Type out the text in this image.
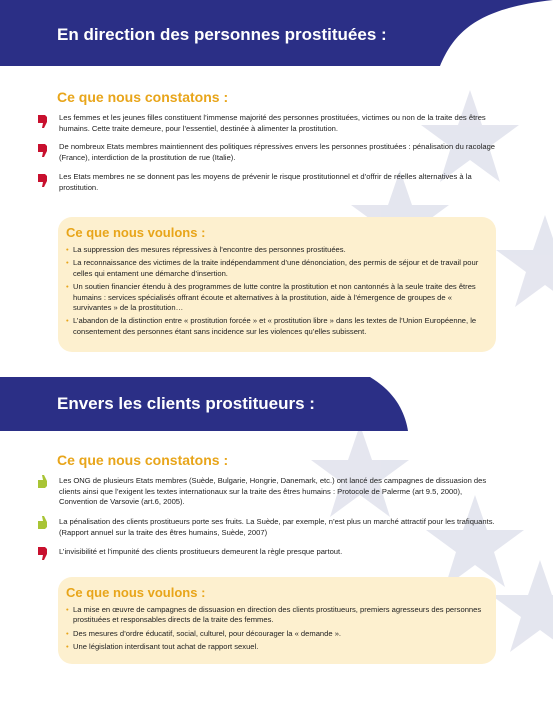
En direction des personnes prostituées :
Ce que nous constatons :
Les femmes et les jeunes filles constituent l’immense majorité des personnes prostituées, victimes ou non de la traite des êtres humains. Cette traite demeure, pour l’essentiel, destinée à alimenter la prostitution.
De nombreux Etats membres maintiennent des politiques répressives envers les personnes prostituées : pénalisation du racolage (France), interdiction de la prostitution de rue (Italie).
Les Etats membres ne se donnent pas les moyens de prévenir le risque prostitutionnel et d’offrir de réelles alternatives à la prostitution.
Ce que nous voulons :
• La suppression des mesures répressives à l’encontre des personnes prostituées.
• La reconnaissance des victimes de la traite indépendamment d’une dénonciation, des permis de séjour et de travail pour celles qui entament une démarche d’insertion.
• Un soutien financier étendu à des programmes de lutte contre la prostitution et non cantonnés à la seule traite des êtres humains : services spécialisés offrant écoute et alternatives à la prostitution, aide à l’émergence de groupes de « survivantes » de la prostitution…
• L’abandon de la distinction entre « prostitution forcée » et « prostitution libre » dans les textes de l’Union Européenne, le consentement des personnes étant sans incidence sur les violences qu’elles subissent.
Envers les clients prostitueurs :
Ce que nous constatons :
Les ONG de plusieurs Etats membres (Suède, Bulgarie, Hongrie, Danemark, etc.) ont lancé des campagnes de dissuasion des clients ainsi que l’exigent les textes internationaux sur la traite des êtres humains : Protocole de Palerme (art 9.5, 2000), Convention de Varsovie (art.6, 2005).
La pénalisation des clients prostitueurs porte ses fruits. La Suède, par exemple, n’est plus un marché attractif pour les trafiquants. (Rapport annuel sur la traite des êtres humains, Suède, 2007)
L’invisibilité et l’impunité des clients prostitueurs demeurent la règle presque partout.
Ce que nous voulons :
• La mise en œuvre de campagnes de dissuasion en direction des clients prostitueurs, premiers agresseurs des personnes prostituées et responsables directs de la traite des femmes.
• Des mesures d’ordre éducatif, social, culturel, pour décourager la « demande ».
• Une législation interdisant tout achat de rapport sexuel.
